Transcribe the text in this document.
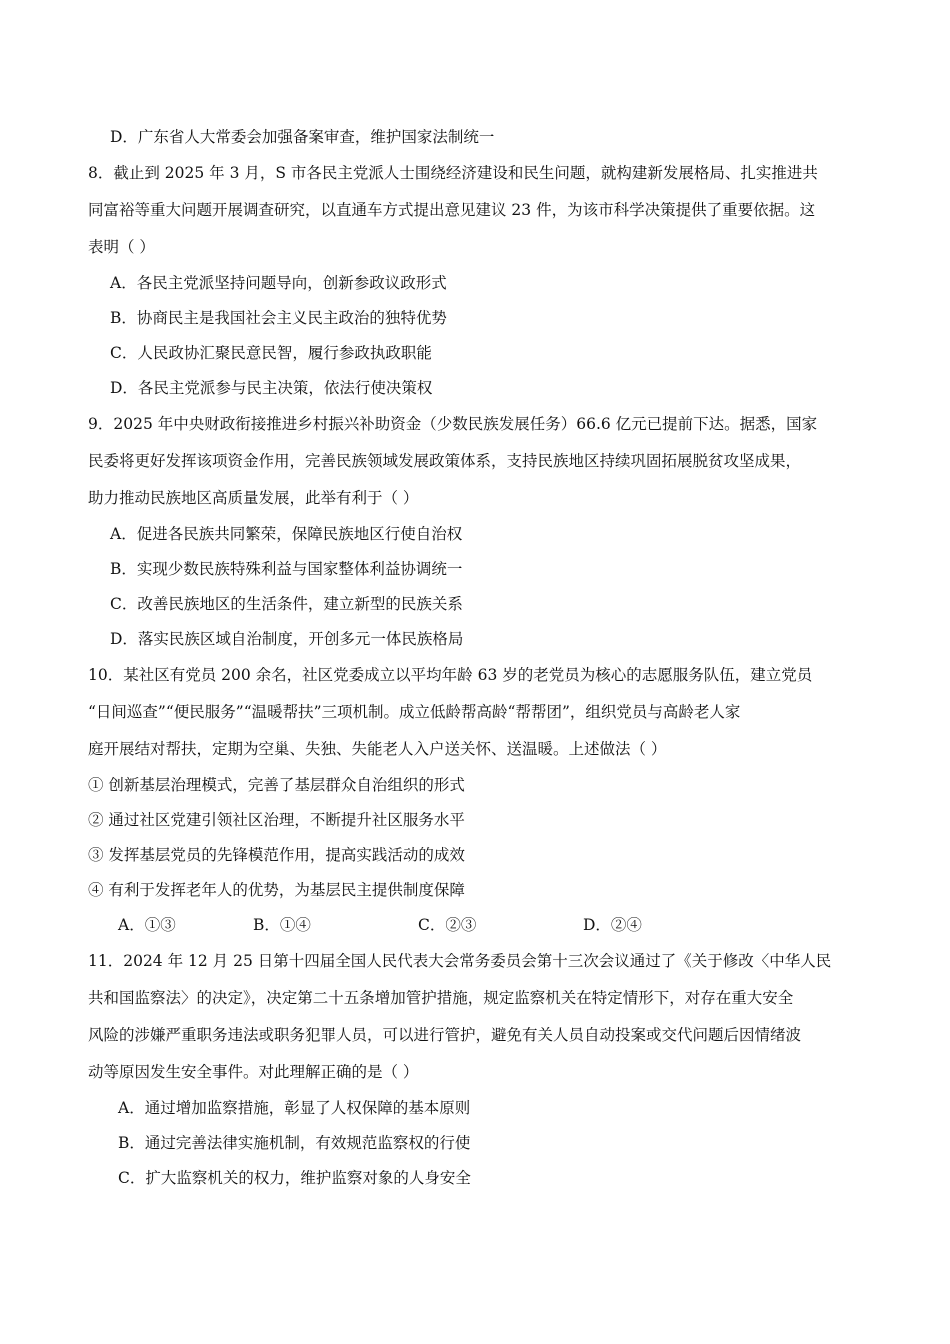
D．广东省人大常委会加强备案审查，维护国家法制统一
8．截止到 2025 年 3 月，S 市各民主党派人士围绕经济建设和民生问题，就构建新发展格局、扎实推进共
同富裕等重大问题开展调查研究，以直通车方式提出意见建议 23 件，为该市科学决策提供了重要依据。这
表明（ ）
A．各民主党派坚持问题导向，创新参政议政形式
B．协商民主是我国社会主义民主政治的独特优势
C．人民政协汇聚民意民智，履行参政执政职能
D．各民主党派参与民主决策，依法行使决策权
9．2025 年中央财政衔接推进乡村振兴补助资金（少数民族发展任务）66.6 亿元已提前下达。据悉，国家
民委将更好发挥该项资金作用，完善民族领域发展政策体系，支持民族地区持续巩固拓展脱贫攻坚成果，
助力推动民族地区高质量发展，此举有利于（ ）
A．促进各民族共同繁荣，保障民族地区行使自治权
B．实现少数民族特殊利益与国家整体利益协调统一
C．改善民族地区的生活条件，建立新型的民族关系
D．落实民族区域自治制度，开创多元一体民族格局
10．某社区有党员 200 余名，社区党委成立以平均年龄 63 岁的老党员为核心的志愿服务队伍，建立党员
“日间巡查”“便民服务”“温暖帮扶”三项机制。成立低龄帮高龄“帮帮团”，组织党员与高龄老人家
庭开展结对帮扶，定期为空巢、失独、失能老人入户送关怀、送温暖。上述做法（ ）
① 创新基层治理模式，完善了基层群众自治组织的形式
② 通过社区党建引领社区治理，不断提升社区服务水平
③ 发挥基层党员的先锋模范作用，提高实践活动的成效
④ 有利于发挥老年人的优势，为基层民主提供制度保障
A．①③	B．①④	C．②③	D．②④
11．2024 年 12 月 25 日第十四届全国人民代表大会常务委员会第十三次会议通过了《关于修改〈中华人民
共和国监察法〉的决定》，决定第二十五条增加管护措施，规定监察机关在特定情形下，对存在重大安全
风险的涉嫌严重职务违法或职务犯罪人员，可以进行管护，避免有关人员自动投案或交代问题后因情绪波
动等原因发生安全事件。对此理解正确的是（ ）
A．通过增加监察措施，彰显了人权保障的基本原则
B．通过完善法律实施机制，有效规范监察权的行使
C．扩大监察机关的权力，维护监察对象的人身安全
